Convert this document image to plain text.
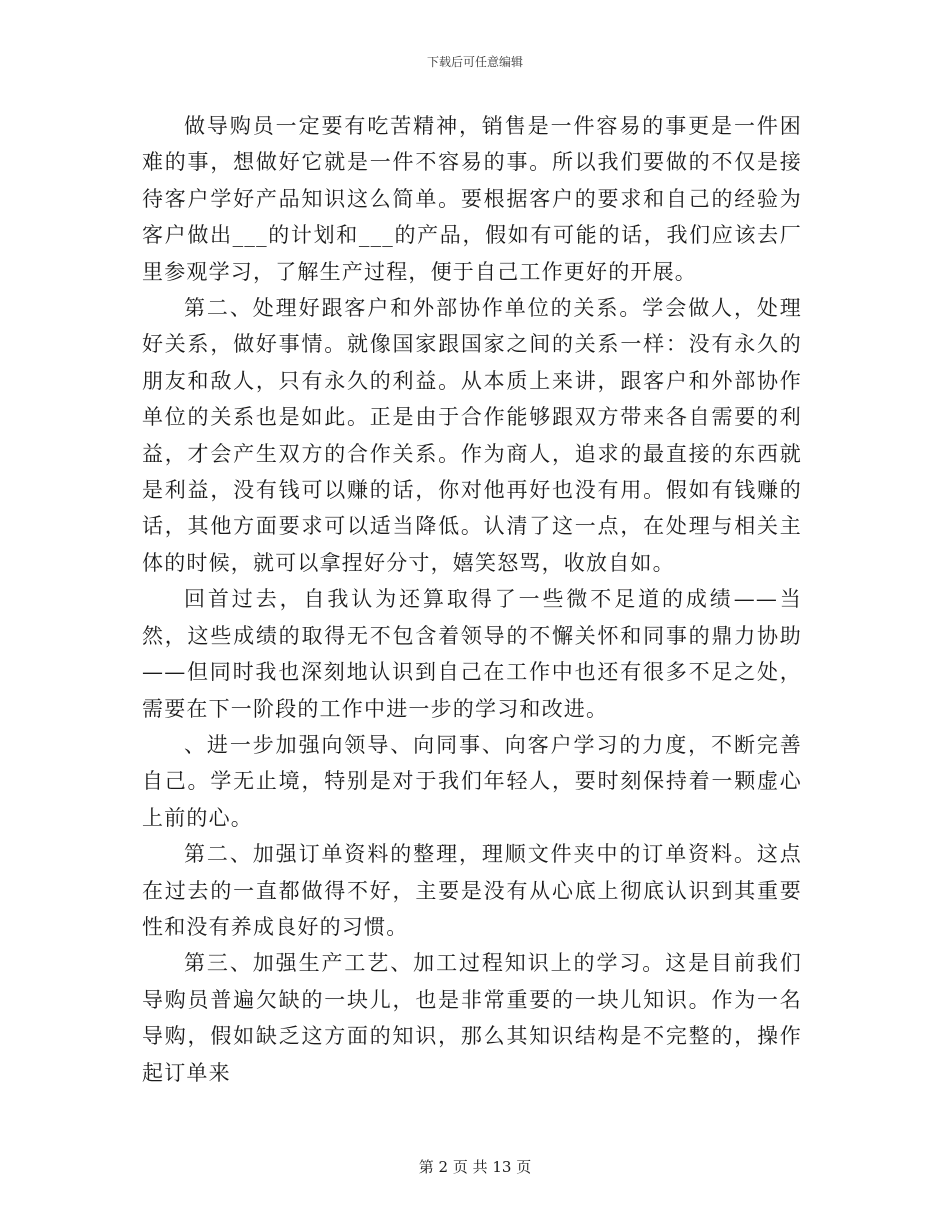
下载后可任意编辑

做导购员一定要有吃苦精神，销售是一件容易的事更是一件困难的事，想做好它就是一件不容易的事。所以我们要做的不仅是接待客户学好产品知识这么简单。要根据客户的要求和自己的经验为客户做出___的计划和___的产品，假如有可能的话，我们应该去厂里参观学习，了解生产过程，便于自己工作更好的开展。

第二、处理好跟客户和外部协作单位的关系。学会做人，处理好关系，做好事情。就像国家跟国家之间的关系一样：没有永久的朋友和敌人，只有永久的利益。从本质上来讲，跟客户和外部协作单位的关系也是如此。正是由于合作能够跟双方带来各自需要的利益，才会产生双方的合作关系。作为商人，追求的最直接的东西就是利益，没有钱可以赚的话，你对他再好也没有用。假如有钱赚的话，其他方面要求可以适当降低。认清了这一点，在处理与相关主体的时候，就可以拿捏好分寸，嬉笑怒骂，收放自如。

回首过去，自我认为还算取得了一些微不足道的成绩——当然，这些成绩的取得无不包含着领导的不懈关怀和同事的鼎力协助——但同时我也深刻地认识到自己在工作中也还有很多不足之处，需要在下一阶段的工作中进一步的学习和改进。

、进一步加强向领导、向同事、向客户学习的力度，不断完善自己。学无止境，特别是对于我们年轻人，要时刻保持着一颗虚心上前的心。

第二、加强订单资料的整理，理顺文件夹中的订单资料。这点在过去的一直都做得不好，主要是没有从心底上彻底认识到其重要性和没有养成良好的习惯。

第三、加强生产工艺、加工过程知识上的学习。这是目前我们导购员普遍欠缺的一块儿，也是非常重要的一块儿知识。作为一名导购，假如缺乏这方面的知识，那么其知识结构是不完整的，操作起订单来

第 2 页 共 13 页
